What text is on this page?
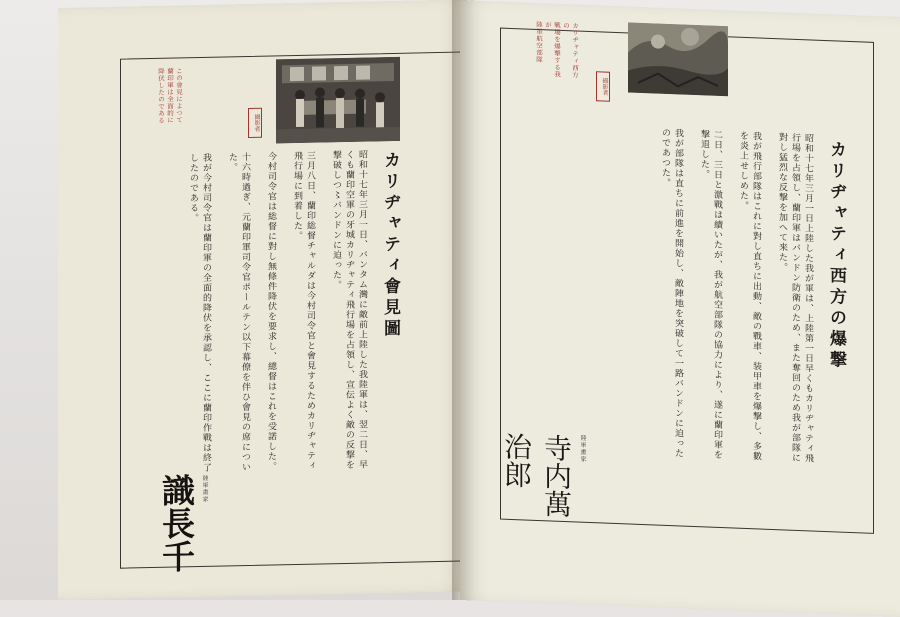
この會見によつて
蘭印軍は全面的に
降伏したのである	撮影者
カリヂャティ會見圖
昭和十七年三月一日、バンタム灣に敵前上陸した我陸軍は、翌二日、早くも蘭印空軍の牙城カリヂャティ飛行場を占領し、宣伝よく敵の反撃を撃破しつ〻バンドンに迫った。

三月八日、蘭印総督チャルダは今村司令官と會見するためカリヂャティ飛行場に到着した。

今村司令官は総督に對し無條件降伏を要求し、總督はこれを受諾した。

十六時過ぎ、元蘭印軍司令官ポールテン以下幕僚を伴ひ會見の席についた。

我が今村司令官は蘭印軍の全面的降伏を承認し、ここに蘭印作戰は終了したのである。
識長千 陸軍畫家
カリヂャティ西方の
戰場を爆撃する我が
陸軍航空部隊
撮影者
カリヂャティ西方の爆撃
昭和十七年三月一日上陸した我が軍は、上陸第一日早くもカリヂャティ飛行場を占領し、蘭印軍はバンドン防衛のため、また奪回のため我が部隊に對し猛烈な反撃を加へて来た。

我が飛行部隊はこれに對し直ちに出動、敵の戰車、装甲車を爆撃し、多數を炎上せしめた。

二日、三日と激戰は續いたが、我が航空部隊の協力により、遂に蘭印軍を撃退した。

我が部隊は直ちに前進を開始し、敵陣地を突破して一路バンドンに迫ったのであつた。
寺内萬治郎	陸軍畫家
